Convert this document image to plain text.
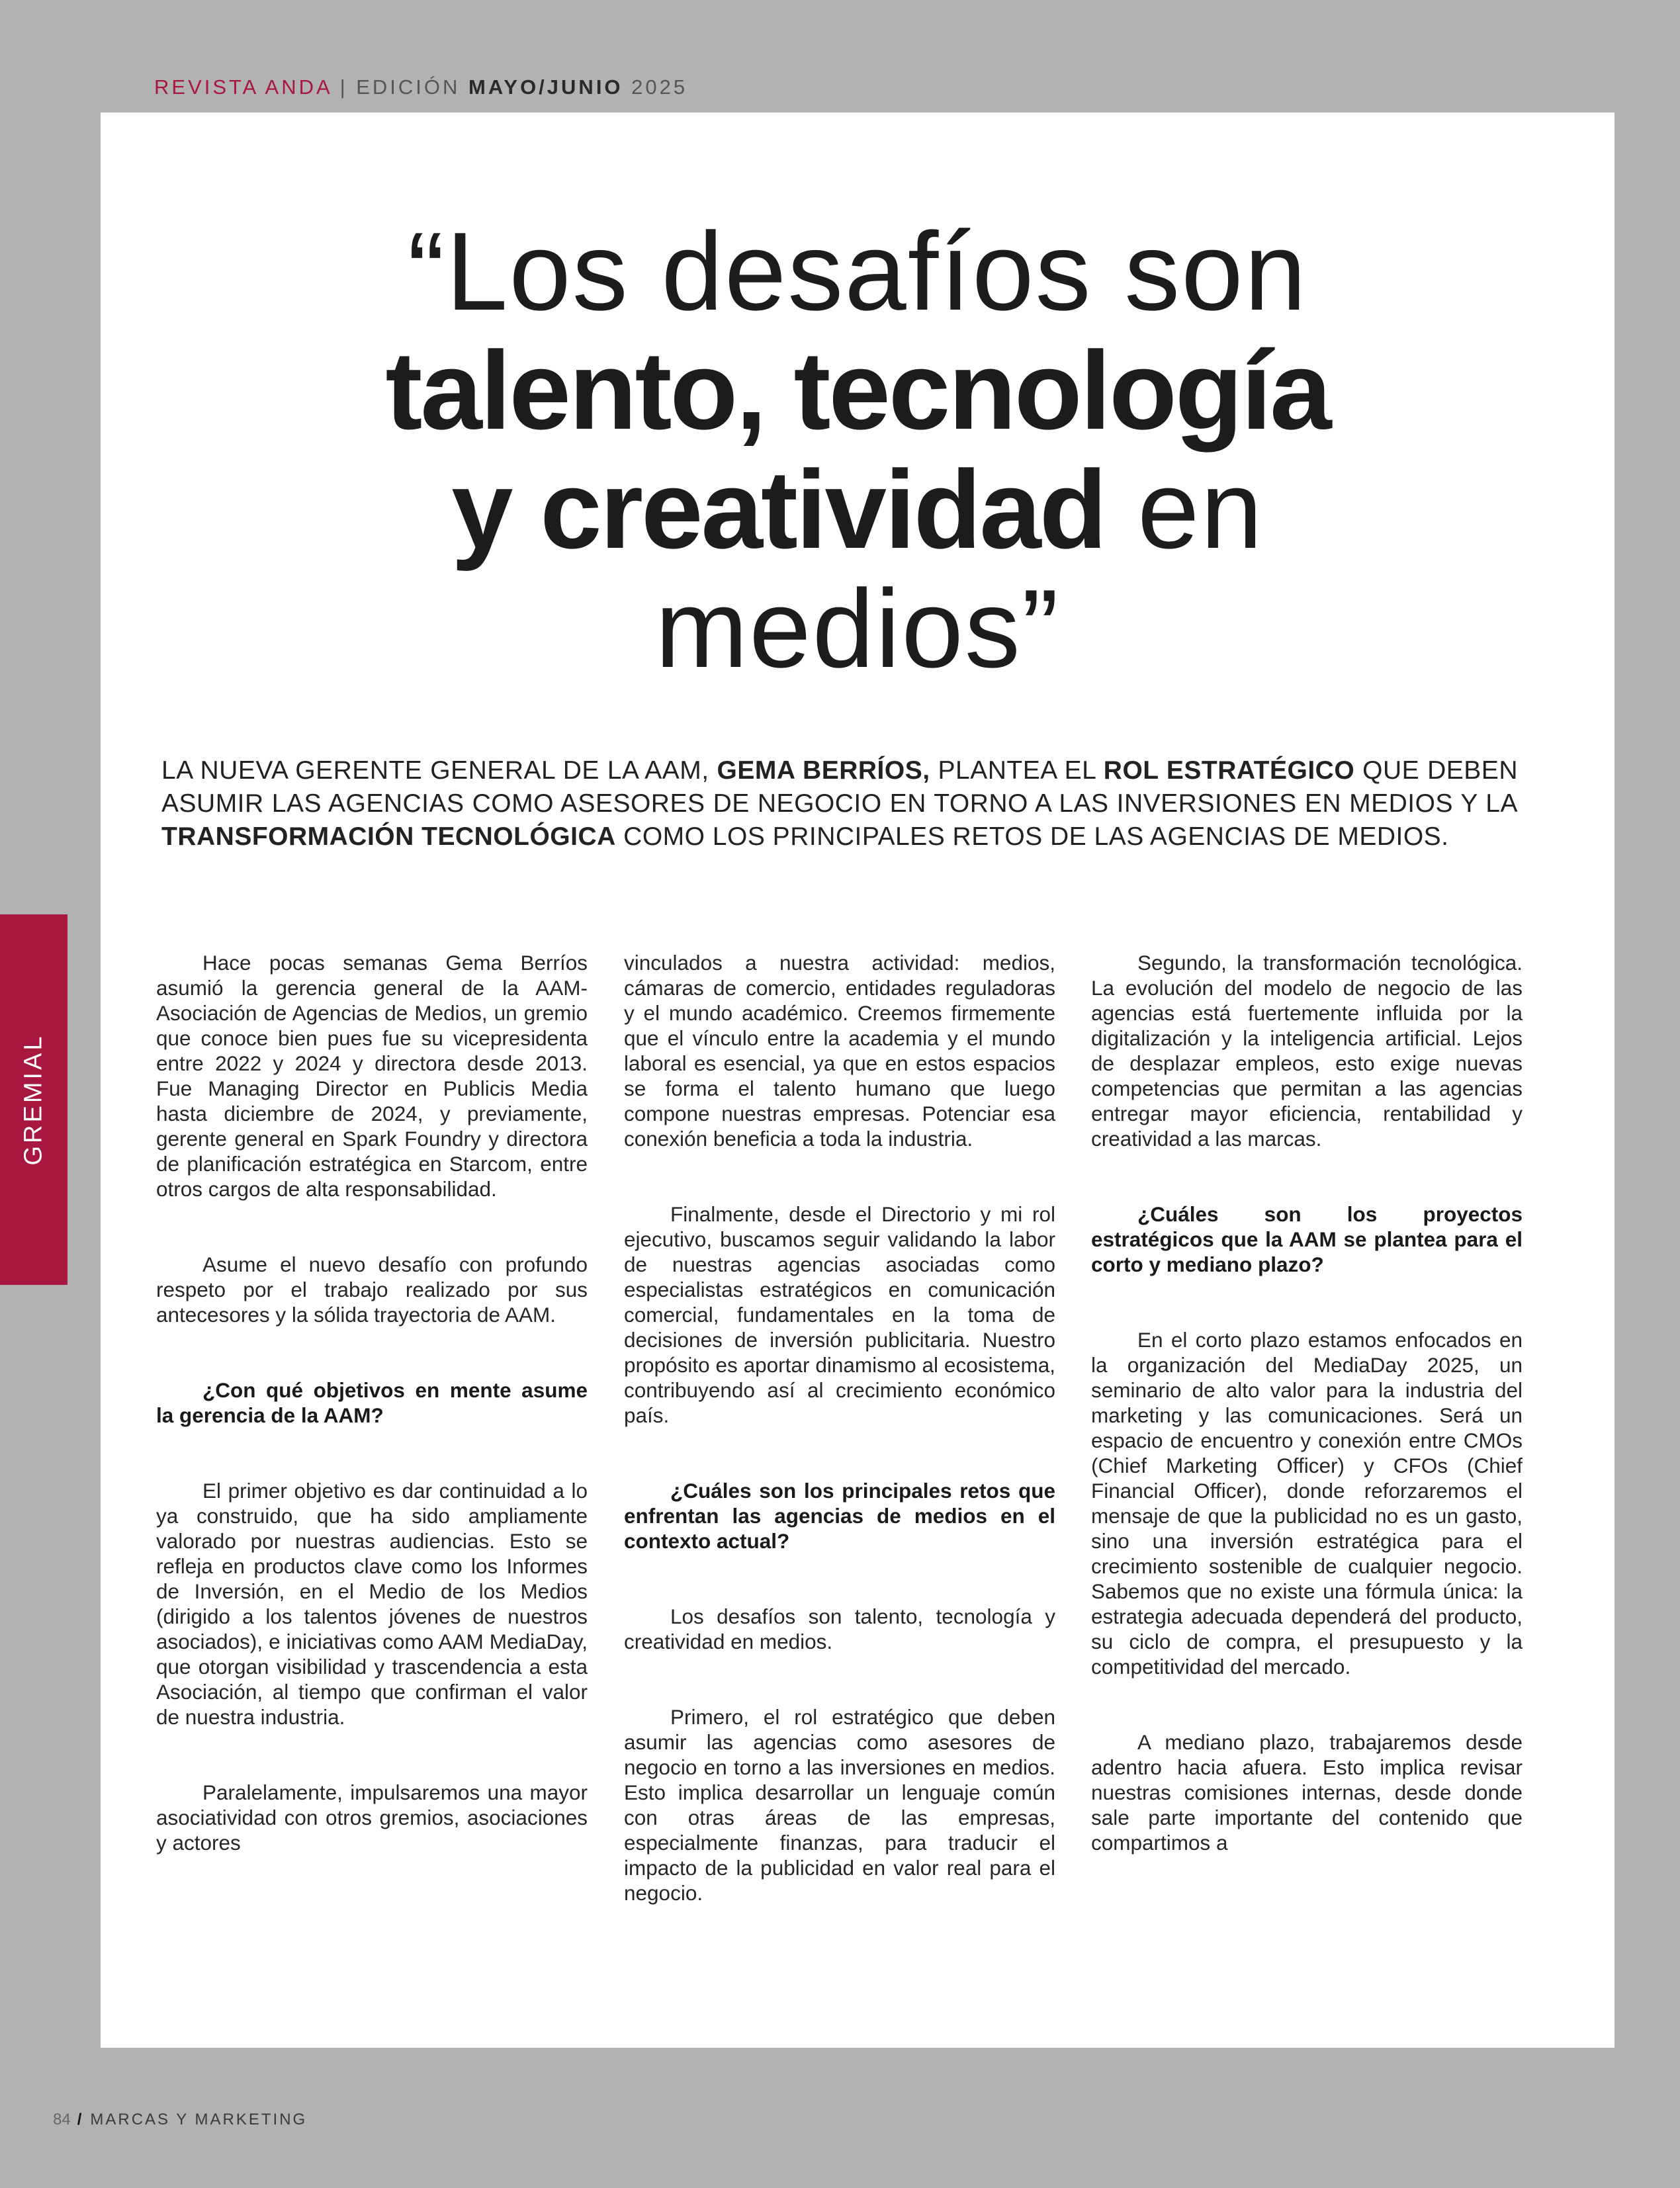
REVISTA ANDA | EDICIÓN MAYO/JUNIO 2025
GREMIAL
“Los desafíos son
talento, tecnología
y creatividad en
medios”
LA NUEVA GERENTE GENERAL DE LA AAM, GEMA BERRÍOS, PLANTEA EL ROL ESTRATÉGICO QUE DEBEN ASUMIR LAS AGENCIAS COMO ASESORES DE NEGOCIO EN TORNO A LAS INVERSIONES EN MEDIOS Y LA TRANSFORMACIÓN TECNOLÓGICA COMO LOS PRINCIPALES RETOS DE LAS AGENCIAS DE MEDIOS.

Hace pocas semanas Gema Berríos asumió la gerencia general de la AAM-Asociación de Agencias de Medios, un gremio que conoce bien pues fue su vicepresidenta entre 2022 y 2024 y directora desde 2013. Fue Managing Director en Publicis Media hasta diciembre de 2024, y previamente, gerente general en Spark Foundry y directora de planificación estratégica en Starcom, entre otros cargos de alta responsabilidad.

Asume el nuevo desafío con profundo respeto por el trabajo realizado por sus antecesores y la sólida trayectoria de AAM.

¿Con qué objetivos en mente asume la gerencia de la AAM?

El primer objetivo es dar continuidad a lo ya construido, que ha sido ampliamente valorado por nuestras audiencias. Esto se refleja en productos clave como los Informes de Inversión, en el Medio de los Medios (dirigido a los talentos jóvenes de nuestros asociados), e iniciativas como AAM MediaDay, que otorgan visibilidad y trascendencia a esta Asociación, al tiempo que confirman el valor de nuestra industria.

Paralelamente, impulsaremos una mayor asociatividad con otros gremios, asociaciones y actores

vinculados a nuestra actividad: medios, cámaras de comercio, entidades reguladoras y el mundo académico. Creemos firmemente que el vínculo entre la academia y el mundo laboral es esencial, ya que en estos espacios se forma el talento humano que luego compone nuestras empresas. Potenciar esa conexión beneficia a toda la industria.

Finalmente, desde el Directorio y mi rol ejecutivo, buscamos seguir validando la labor de nuestras agencias asociadas como especialistas estratégicos en comunicación comercial, fundamentales en la toma de decisiones de inversión publicitaria. Nuestro propósito es aportar dinamismo al ecosistema, contribuyendo así al crecimiento económico país.

¿Cuáles son los principales retos que enfrentan las agencias de medios en el contexto actual?

Los desafíos son talento, tecnología y creatividad en medios.

Primero, el rol estratégico que deben asumir las agencias como asesores de negocio en torno a las inversiones en medios. Esto implica desarrollar un lenguaje común con otras áreas de las empresas, especialmente finanzas, para traducir el impacto de la publicidad en valor real para el negocio.

Segundo, la transformación tecnológica. La evolución del modelo de negocio de las agencias está fuertemente influida por la digitalización y la inteligencia artificial. Lejos de desplazar empleos, esto exige nuevas competencias que permitan a las agencias entregar mayor eficiencia, rentabilidad y creatividad a las marcas.

¿Cuáles son los proyectos estratégicos que la AAM se plantea para el corto y mediano plazo?

En el corto plazo estamos enfocados en la organización del MediaDay 2025, un seminario de alto valor para la industria del marketing y las comunicaciones. Será un espacio de encuentro y conexión entre CMOs (Chief Marketing Officer) y CFOs (Chief Financial Officer), donde reforzaremos el mensaje de que la publicidad no es un gasto, sino una inversión estratégica para el crecimiento sostenible de cualquier negocio. Sabemos que no existe una fórmula única: la estrategia adecuada dependerá del producto, su ciclo de compra, el presupuesto y la competitividad del mercado.

A mediano plazo, trabajaremos desde adentro hacia afuera. Esto implica revisar nuestras comisiones internas, desde donde sale parte importante del contenido que compartimos a

84 / MARCAS Y MARKETING
